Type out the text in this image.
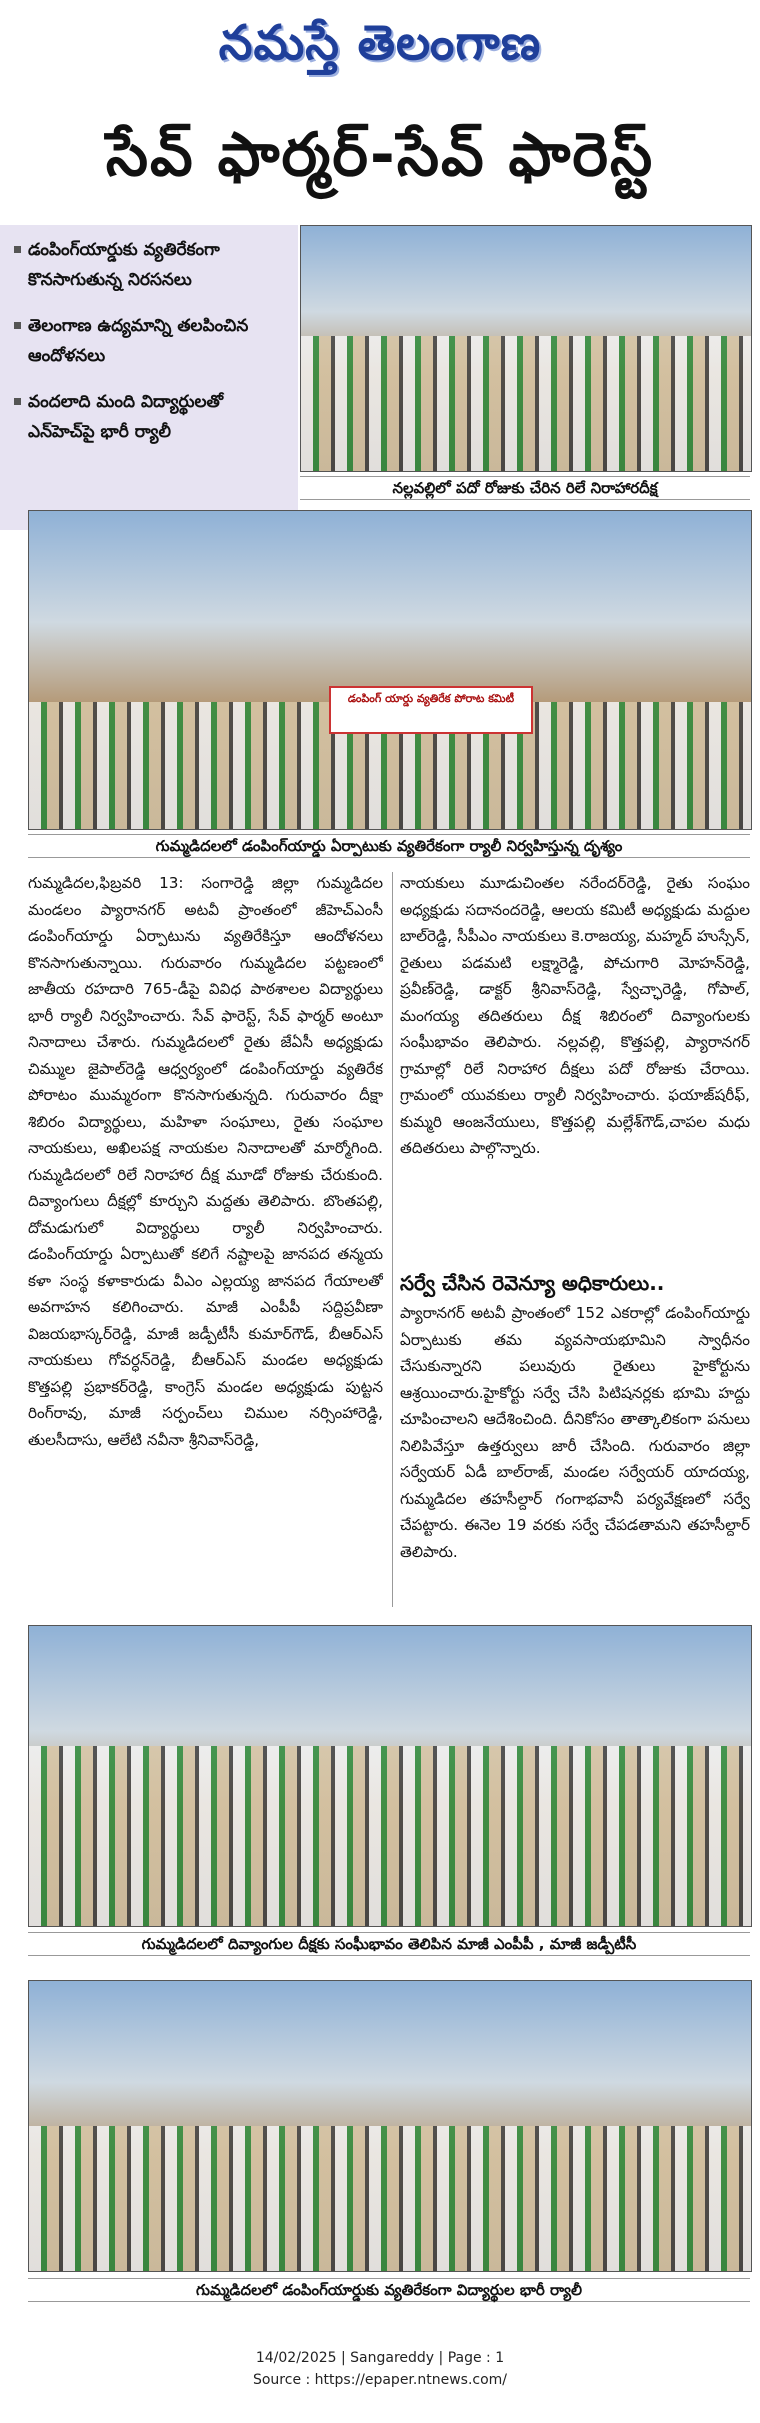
నమస్తే తెలంగాణ
సేవ్ ఫార్మర్-సేవ్ ఫారెస్ట్
డంపింగ్‌యార్డుకు వ్యతిరేకంగా కొనసాగుతున్న నిరసనలు
తెలంగాణ ఉద్యమాన్ని తలపించిన ఆందోళనలు
వందలాది మంది విద్యార్థులతో ఎన్‌హెచ్‌పై భారీ ర్యాలీ
నల్లవల్లిలో పదో రోజుకు చేరిన రిలే నిరాహారదీక్ష
డంపింగ్ యార్డు వ్యతిరేక పోరాట కమిటీ
గుమ్మడిదలలో డంపింగ్‌యార్డు ఏర్పాటుకు వ్యతిరేకంగా ర్యాలీ నిర్వహిస్తున్న దృశ్యం
గుమ్మడిదల,ఫిబ్రవరి 13: సంగారెడ్డి జిల్లా గుమ్మడిదల మండలం ప్యారానగర్ అటవీ ప్రాంతంలో జీహెచ్‌ఎంసీ డంపింగ్‌యార్డు ఏర్పాటును వ్యతిరేకిస్తూ ఆందోళనలు కొనసాగుతున్నాయి. గురువారం గుమ్మడిదల పట్టణంలో జాతీయ రహదారి 765-డీపై వివిధ పాఠశాలల విద్యార్థులు భారీ ర్యాలీ నిర్వహించారు. సేవ్ ఫారెస్ట్, సేవ్ ఫార్మర్ అంటూ నినాదాలు చేశారు. గుమ్మడిదలలో రైతు జేఏసీ అధ్యక్షుడు చిమ్ముల జైపాల్‌రెడ్డి ఆధ్వర్యంలో డంపింగ్‌యార్డు వ్యతిరేక పోరాటం ముమ్మరంగా కొనసాగుతున్నది. గురువారం దీక్షా శిబిరం విద్యార్థులు, మహిళా సంఘాలు, రైతు సంఘాల నాయకులు, అఖిలపక్ష నాయకుల నినాదాలతో మార్మోగింది. గుమ్మడిదలలో రిలే నిరాహార దీక్ష మూడో రోజుకు చేరుకుంది. దివ్యాంగులు దీక్షల్లో కూర్చుని మద్దతు తెలిపారు. బొంతపల్లి, దోమడుగులో విద్యార్థులు ర్యాలీ నిర్వహించారు. డంపింగ్‌యార్డు ఏర్పాటుతో కలిగే నష్టాలపై జానపద తన్మయ కళా సంస్థ కళాకారుడు వీఎం ఎల్లయ్య జానపద గేయాలతో అవగాహన కలిగించారు. మాజీ ఎంపీపీ సద్దిప్రవీణా విజయభాస్కర్‌రెడ్డి, మాజీ జడ్పీటీసీ కుమార్‌గౌడ్, బీఆర్‌ఎస్ నాయకులు గోవర్ధన్‌రెడ్డి, బీఆర్‌ఎస్ మండల అధ్యక్షుడు కొత్తపల్లి ప్రభాకర్‌రెడ్డి, కాంగ్రెస్ మండల అధ్యక్షుడు పుట్టన రింగ్‌రావు, మాజీ సర్పంచ్‌లు చిముల నర్సింహారెడ్డి, తులసీదాసు, ఆలేటి నవీనా శ్రీనివాస్‌రెడ్డి,
నాయకులు మూడుచింతల నరేందర్‌రెడ్డి, రైతు సంఘం అధ్యక్షుడు సదానందరెడ్డి, ఆలయ కమిటీ అధ్యక్షుడు మద్దుల బాల్‌రెడ్డి, సీపీఎం నాయకులు కె.రాజయ్య, మహ్మద్ హుస్సేన్, రైతులు పడమటి లక్ష్మారెడ్డి, పోచుగారి మోహన్‌రెడ్డి, ప్రవీణ్‌రెడ్డి, డాక్టర్ శ్రీనివాస్‌రెడ్డి, స్వేచ్ఛారెడ్డి, గోపాల్, మంగయ్య తదితరులు దీక్ష శిబిరంలో దివ్యాంగులకు సంఘీభావం తెలిపారు. నల్లవల్లి, కొత్తపల్లి, ప్యారానగర్ గ్రామాల్లో రిలే నిరాహార దీక్షలు పదో రోజుకు చేరాయి. గ్రామంలో యువకులు ర్యాలీ నిర్వహించారు. ఫయాజ్‌షరీఫ్, కుమ్మరి ఆంజనేయులు, కొత్తపల్లి మల్లేశ్‌గౌడ్,చాపల మధు తదితరులు పాల్గొన్నారు.
సర్వే చేసిన రెవెన్యూ అధికారులు..
ప్యారానగర్ అటవీ ప్రాంతంలో 152 ఎకరాల్లో డంపింగ్‌యార్డు ఏర్పాటుకు తమ వ్యవసాయభూమిని స్వాధీనం చేసుకున్నారని పలువురు రైతులు హైకోర్టును ఆశ్రయించారు.హైకోర్టు సర్వే చేసి పిటిషనర్లకు భూమి హద్దు చూపించాలని ఆదేశించింది. దీనికోసం తాత్కాలికంగా పనులు నిలిపివేస్తూ ఉత్తర్వులు జారీ చేసింది. గురువారం జిల్లా సర్వేయర్ ఏడీ బాల్‌రాజ్, మండల సర్వేయర్ యాదయ్య, గుమ్మడిదల తహసీల్దార్ గంగాభవానీ పర్యవేక్షణలో సర్వే చేపట్టారు. ఈనెల 19 వరకు సర్వే చేపడతామని తహసీల్దార్ తెలిపారు.
గుమ్మడిదలలో దివ్యాంగుల దీక్షకు సంఘీభావం తెలిపిన మాజీ ఎంపీపీ , మాజీ జడ్పీటీసీ
గుమ్మడిదలలో డంపింగ్‌యార్డుకు వ్యతిరేకంగా విద్యార్థుల భారీ ర్యాలీ
14/02/2025 | Sangareddy | Page : 1
Source : https://epaper.ntnews.com/
